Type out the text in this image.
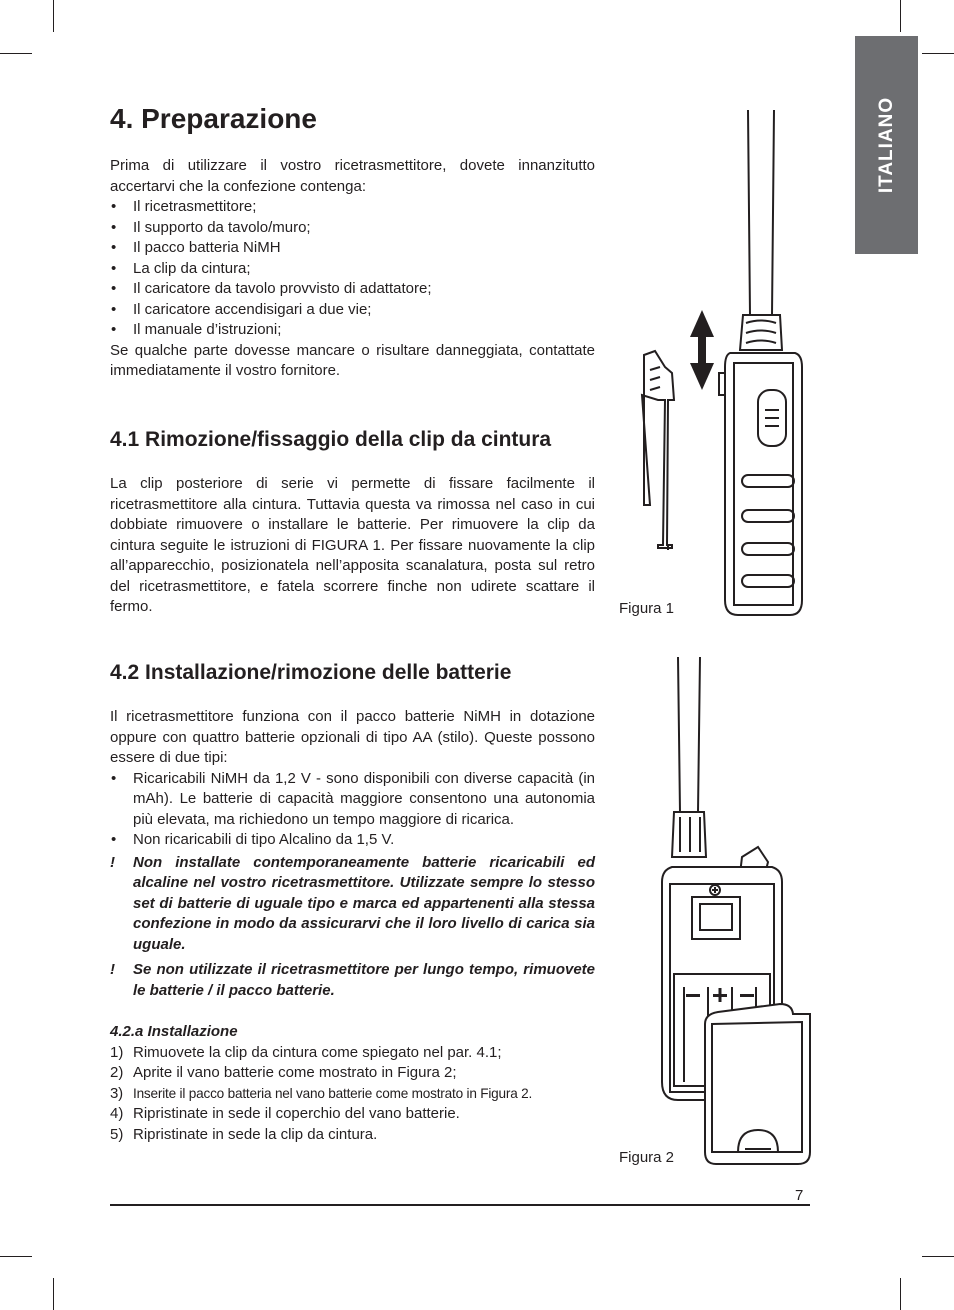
ITALIANO
4. Preparazione

Prima di utilizzare il vostro ricetrasmettitore, dovete innanzitutto accertarvi che la confezione contenga:

• Il ricetrasmettitore;
• Il supporto da tavolo/muro;
• Il pacco batteria NiMH
• La clip da cintura;
• Il caricatore da tavolo provvisto di adattatore;
• Il caricatore accendisigari a due vie;
• Il manuale d’istruzioni;

Se qualche parte dovesse mancare o risultare danneggiata, contattate immediatamente il vostro fornitore.

4.1 Rimozione/fissaggio della clip da cintura

La clip posteriore di serie vi permette di fissare facilmente il ricetrasmettitore alla cintura. Tuttavia questa va rimossa nel caso in cui dobbiate rimuovere o installare le batterie. Per rimuovere la clip da cintura seguite le istruzioni di FIGURA 1. Per fissare nuovamente la clip all’apparecchio, posizionatela nell’apposita scanalatura, posta sul retro del ricetrasmettitore, e fatela scorrere finche non udirete scattare il fermo.

4.2 Installazione/rimozione delle batterie

Il ricetrasmettitore funziona con il pacco batterie NiMH in dotazione oppure con quattro batterie opzionali di tipo AA (stilo). Queste possono essere di due tipi:

• Ricaricabili NiMH da 1,2 V - sono disponibili con diverse capacità (in mAh). Le batterie di capacità maggiore consentono una autonomia più elevata, ma richiedono un tempo maggiore di ricarica.
• Non ricaricabili di tipo Alcalino da 1,5 V.
! Non installate contemporaneamente batterie ricaricabili ed alcaline nel vostro ricetrasmettitore. Utilizzate sempre lo stesso set di batterie di uguale tipo e marca ed appartenenti alla stessa confezione in modo da assicurarvi che il loro livello di carica sia uguale.
! Se non utilizzate il ricetrasmettitore per lungo tempo, rimuovete le batterie / il pacco batterie.
4.2.a Installazione
1) Rimuovete la clip da cintura come spiegato nel par. 4.1;
2) Aprite il vano batterie come mostrato in Figura 2;
3) Inserite il pacco batteria nel vano batterie come mostrato in Figura 2.
4) Ripristinate in sede il coperchio del vano batterie.
5) Ripristinate in sede la clip da cintura.
Figura 1
Figura 2
7
